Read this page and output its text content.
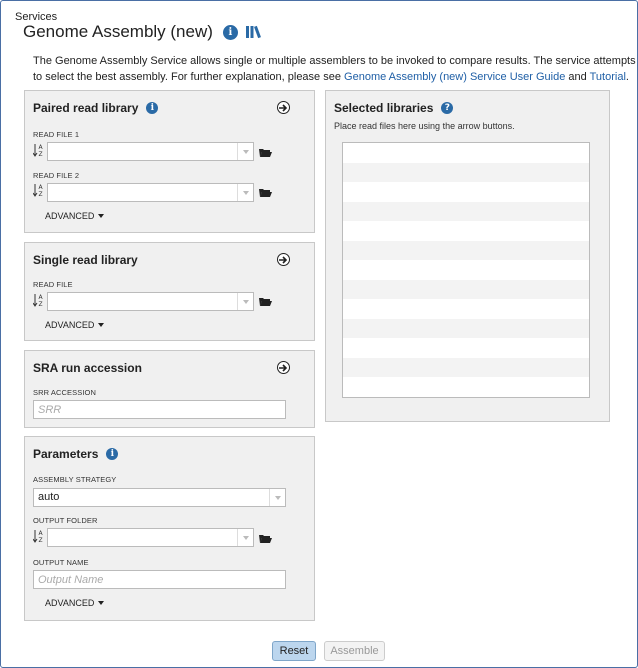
Services
Genome Assembly (new)	i
The Genome Assembly Service allows single or multiple assemblers to be invoked to compare results. The service attempts to select the best assembly. For further explanation, please see Genome Assembly (new) Service User Guide and Tutorial.
Paired read library	i
READ FILE 1
A
Z
READ FILE 2
A
Z
ADVANCED
Single read library
READ FILE
A
Z
ADVANCED
SRA run accession
SRR ACCESSION
SRR
Parameters	i
ASSEMBLY STRATEGY
auto
OUTPUT FOLDER
A
Z
OUTPUT NAME
Output Name
ADVANCED
Selected libraries	?
Place read files here using the arrow buttons.
Reset	Assemble
